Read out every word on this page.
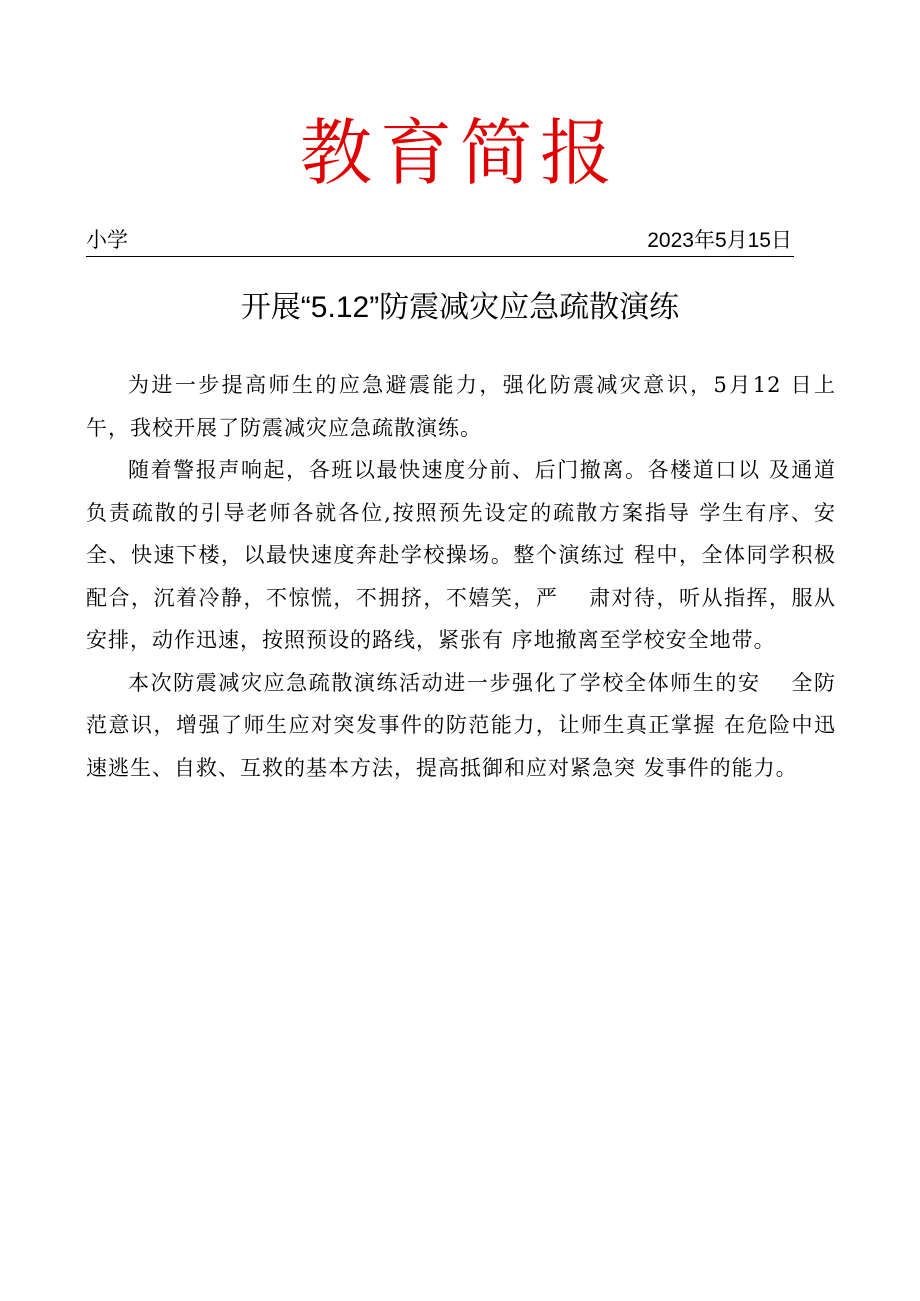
教育简报
小学	2023年5月15日
开展“5.12”防震减灾应急疏散演练

为进一步提高师生的应急避震能力，强化防震减灾意识，5月12 日上午，我校开展了防震减灾应急疏散演练。

随着警报声响起，各班以最快速度分前、后门撤离。各楼道口以 及通道负责疏散的引导老师各就各位,按照预先设定的疏散方案指导 学生有序、安全、快速下楼，以最快速度奔赴学校操场。整个演练过 程中，全体同学积极配合，沉着冷静，不惊慌，不拥挤，不嬉笑，严　 肃对待，听从指挥，服从安排，动作迅速，按照预设的路线，紧张有 序地撤离至学校安全地带。

本次防震减灾应急疏散演练活动进一步强化了学校全体师生的安　 全防范意识，增强了师生应对突发事件的防范能力，让师生真正掌握 在危险中迅速逃生、自救、互救的基本方法，提高抵御和应对紧急突 发事件的能力。
